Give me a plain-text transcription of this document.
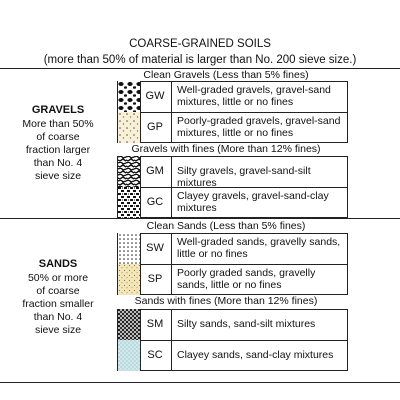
COARSE-GRAINED SOILS
(more than 50% of material is larger than No. 200 sieve size.)
GRAVELS
More than 50%
of coarse
fraction larger
than No. 4
sieve size
SANDS
50% or more
of coarse
fraction smaller
than No. 4
sieve size
Clean Gravels (Less than 5% fines)
Gravels with fines (More than 12% fines)
Clean Sands (Less than 5% fines)
Sands with fines (More than 12% fines)
GW
GP
GM
GC
SW
SP
SM
SC
Well-graded gravels, gravel-sand mixtures, little or no fines
Poorly-graded gravels, gravel-sand mixtures, little or no fines
Silty gravels, gravel-sand-silt mixtures
Clayey gravels, gravel-sand-clay mixtures
Well-graded sands, gravelly sands, little or no fines
Poorly graded sands, gravelly sands, little or no fines
Silty sands, sand-silt mixtures
Clayey sands, sand-clay mixtures
